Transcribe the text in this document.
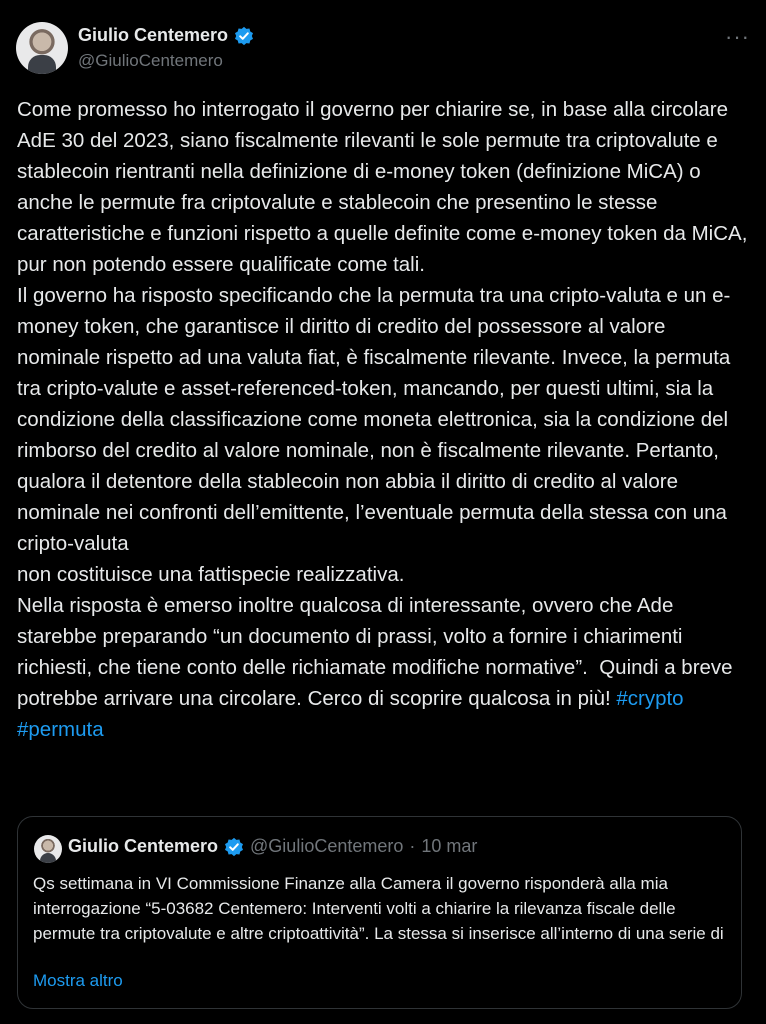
Giulio Centemero
@GiulioCentemero
···
Come promesso ho interrogato il governo per chiarire se, in base alla circolare AdE 30 del 2023, siano fiscalmente rilevanti le sole permute tra criptovalute e stablecoin rientranti nella definizione di e-money token (definizione MiCA) o anche le permute fra criptovalute e stablecoin che presentino le stesse caratteristiche e funzioni rispetto a quelle definite come e-money token da MiCA, pur non potendo essere qualificate come tali.
Il governo ha risposto specificando che la permuta tra una cripto-valuta e un e-money token, che garantisce il diritto di credito del possessore al valore nominale rispetto ad una valuta fiat, è fiscalmente rilevante. Invece, la permuta tra cripto-valute e asset-referenced-token, mancando, per questi ultimi, sia la condizione della classificazione come moneta elettronica, sia la condizione del rimborso del credito al valore nominale, non è fiscalmente rilevante. Pertanto, qualora il detentore della stablecoin non abbia il diritto di credito al valore nominale nei confronti dell’emittente, l’eventuale permuta della stessa con una cripto-valuta
non costituisce una fattispecie realizzativa.
Nella risposta è emerso inoltre qualcosa di interessante, ovvero che Ade starebbe preparando “un documento di prassi, volto a fornire i chiarimenti richiesti, che tiene conto delle richiamate modifiche normative”.  Quindi a breve potrebbe arrivare una circolare. Cerco di scoprire qualcosa in più! #crypto #permuta
Giulio Centemero @GiulioCentemero · 10 mar
Qs settimana in VI Commissione Finanze alla Camera il governo risponderà alla mia interrogazione “5-03682 Centemero: Interventi volti a chiarire la rilevanza fiscale delle permute tra criptovalute e altre criptoattività”. La stessa si inserisce all’interno di una serie di
Mostra altro
